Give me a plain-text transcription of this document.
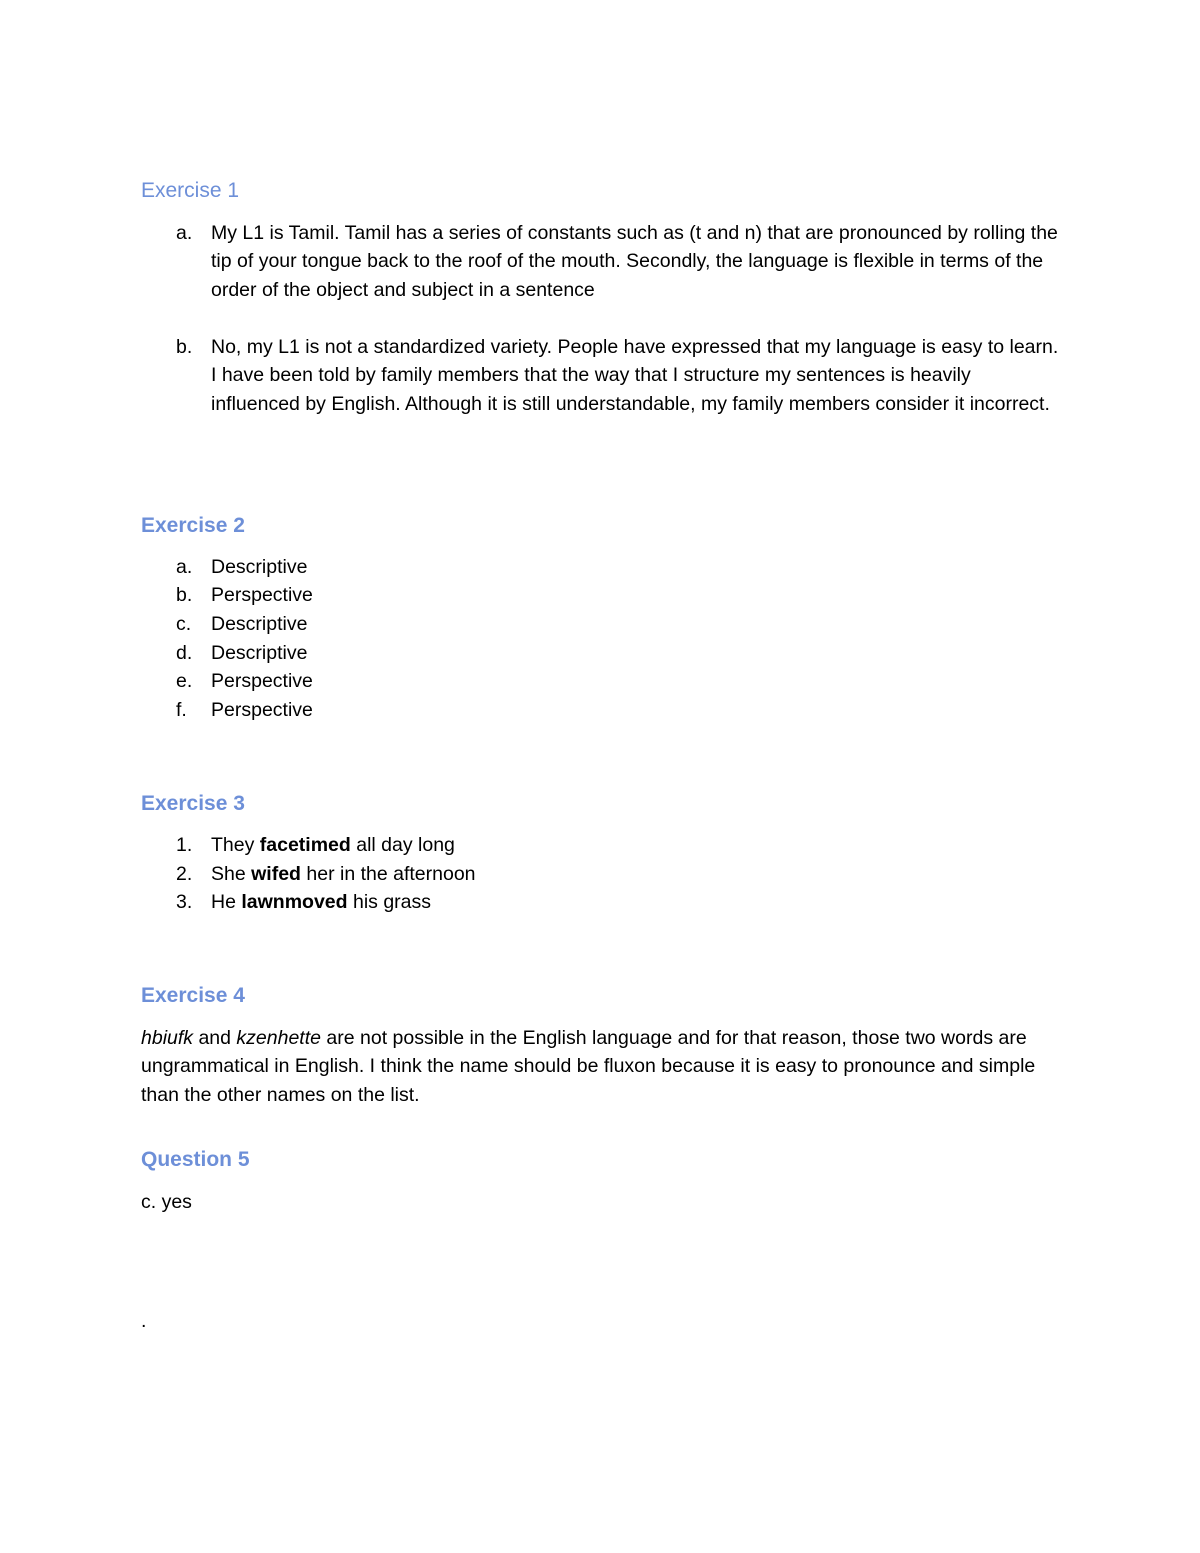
Exercise 1
a. My L1 is Tamil. Tamil has a series of constants such as (t and n) that are pronounced by rolling the tip of your tongue back to the roof of the mouth. Secondly, the language is flexible in terms of the order of the object and subject in a sentence
b. No, my L1 is not a standardized variety. People have expressed that my language is easy to learn. I have been told by family members that the way that I structure my sentences is heavily influenced by English. Although it is still understandable, my family members consider it incorrect.
Exercise 2
a. Descriptive
b. Perspective
c. Descriptive
d. Descriptive
e. Perspective
f. Perspective
Exercise 3
1. They facetimed all day long
2. She wifed her in the afternoon
3. He lawnmoved his grass
Exercise 4
hbiufk and kzenhette are not possible in the English language and for that reason, those two words are ungrammatical in English. I think the name should be fluxon because it is easy to pronounce and simple than the other names on the list.
Question 5
c. yes
.
